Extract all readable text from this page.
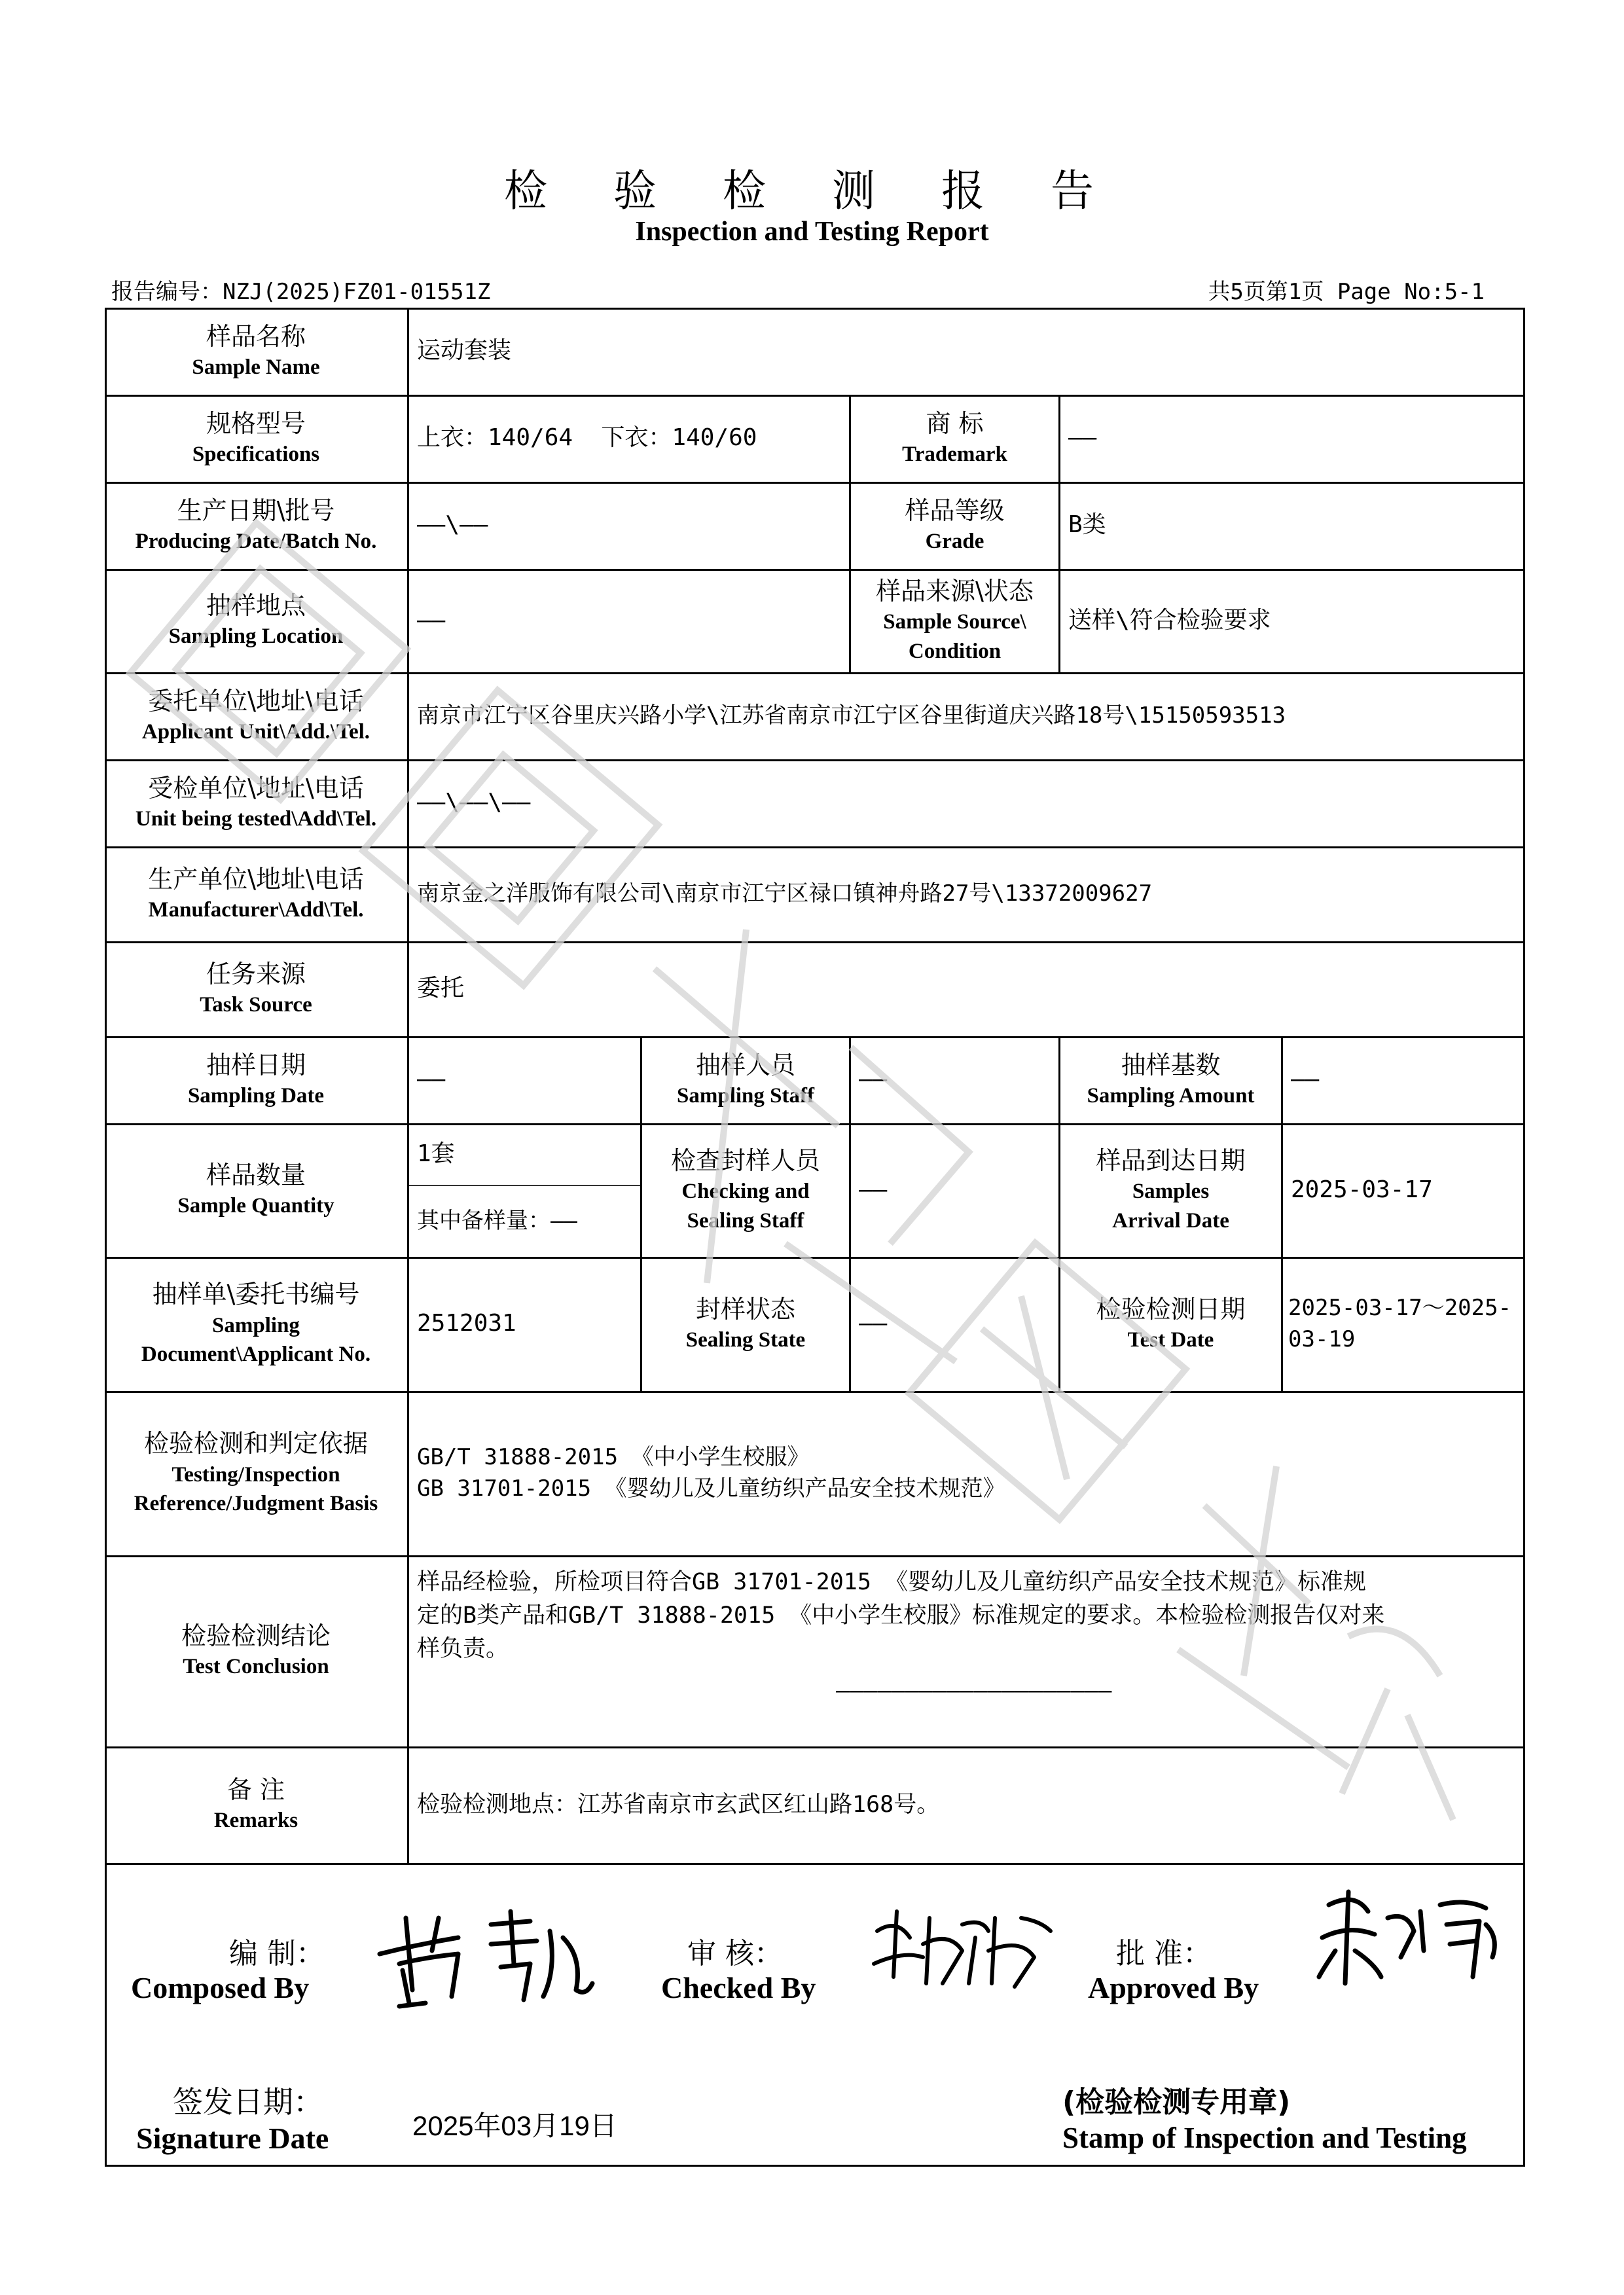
检 验 检 测 报 告
Inspection and Testing Report
报告编号：NZJ(2025)FZ01-01551Z	共5页第1页 Page No:5-1
样品名称
Sample Name
运动套装
规格型号
Specifications
上衣：140/64  下衣：140/60
商 标
Trademark
——
生产日期\批号
Producing Date/Batch No.
——\——
样品等级
Grade
B类
抽样地点
Sampling Location
——
样品来源\状态
Sample Source\
Condition
送样\符合检验要求
委托单位\地址\电话
Applicant Unit\Add.\Tel.
南京市江宁区谷里庆兴路小学\江苏省南京市江宁区谷里街道庆兴路18号\15150593513
受检单位\地址\电话
Unit being tested\Add\Tel.
——\——\——
生产单位\地址\电话
Manufacturer\Add\Tel.
南京金之洋服饰有限公司\南京市江宁区禄口镇神舟路27号\13372009627
任务来源
Task Source
委托
抽样日期
Sampling Date
——
抽样人员
Sampling Staff
——
抽样基数
Sampling Amount
——
样品数量
Sample Quantity
1套
其中备样量：——
检查封样人员
Checking and
Sealing Staff
——
样品到达日期
Samples
Arrival Date
2025-03-17
抽样单\委托书编号
Sampling
Document\Applicant No.
2512031
封样状态
Sealing State
——
检验检测日期
Test Date
2025-03-17～2025-
03-19
检验检测和判定依据
Testing/Inspection
Reference/Judgment Basis
GB/T 31888-2015 《中小学生校服》
GB 31701-2015 《婴幼儿及儿童纺织产品安全技术规范》
检验检测结论
Test Conclusion
样品经检验，所检项目符合GB 31701-2015 《婴幼儿及儿童纺织产品安全技术规范》标准规
定的B类产品和GB/T 31888-2015 《中小学生校服》标准规定的要求。本检验检测报告仅对来
样负责。
————————————————————
备 注
Remarks
检验检测地点：江苏省南京市玄武区红山路168号。
编 制：
Composed By
审 核：
Checked By
批 准：
Approved By
签发日期：
Signature Date	2025年03月19日
(检验检测专用章)
Stamp of Inspection and Testing
